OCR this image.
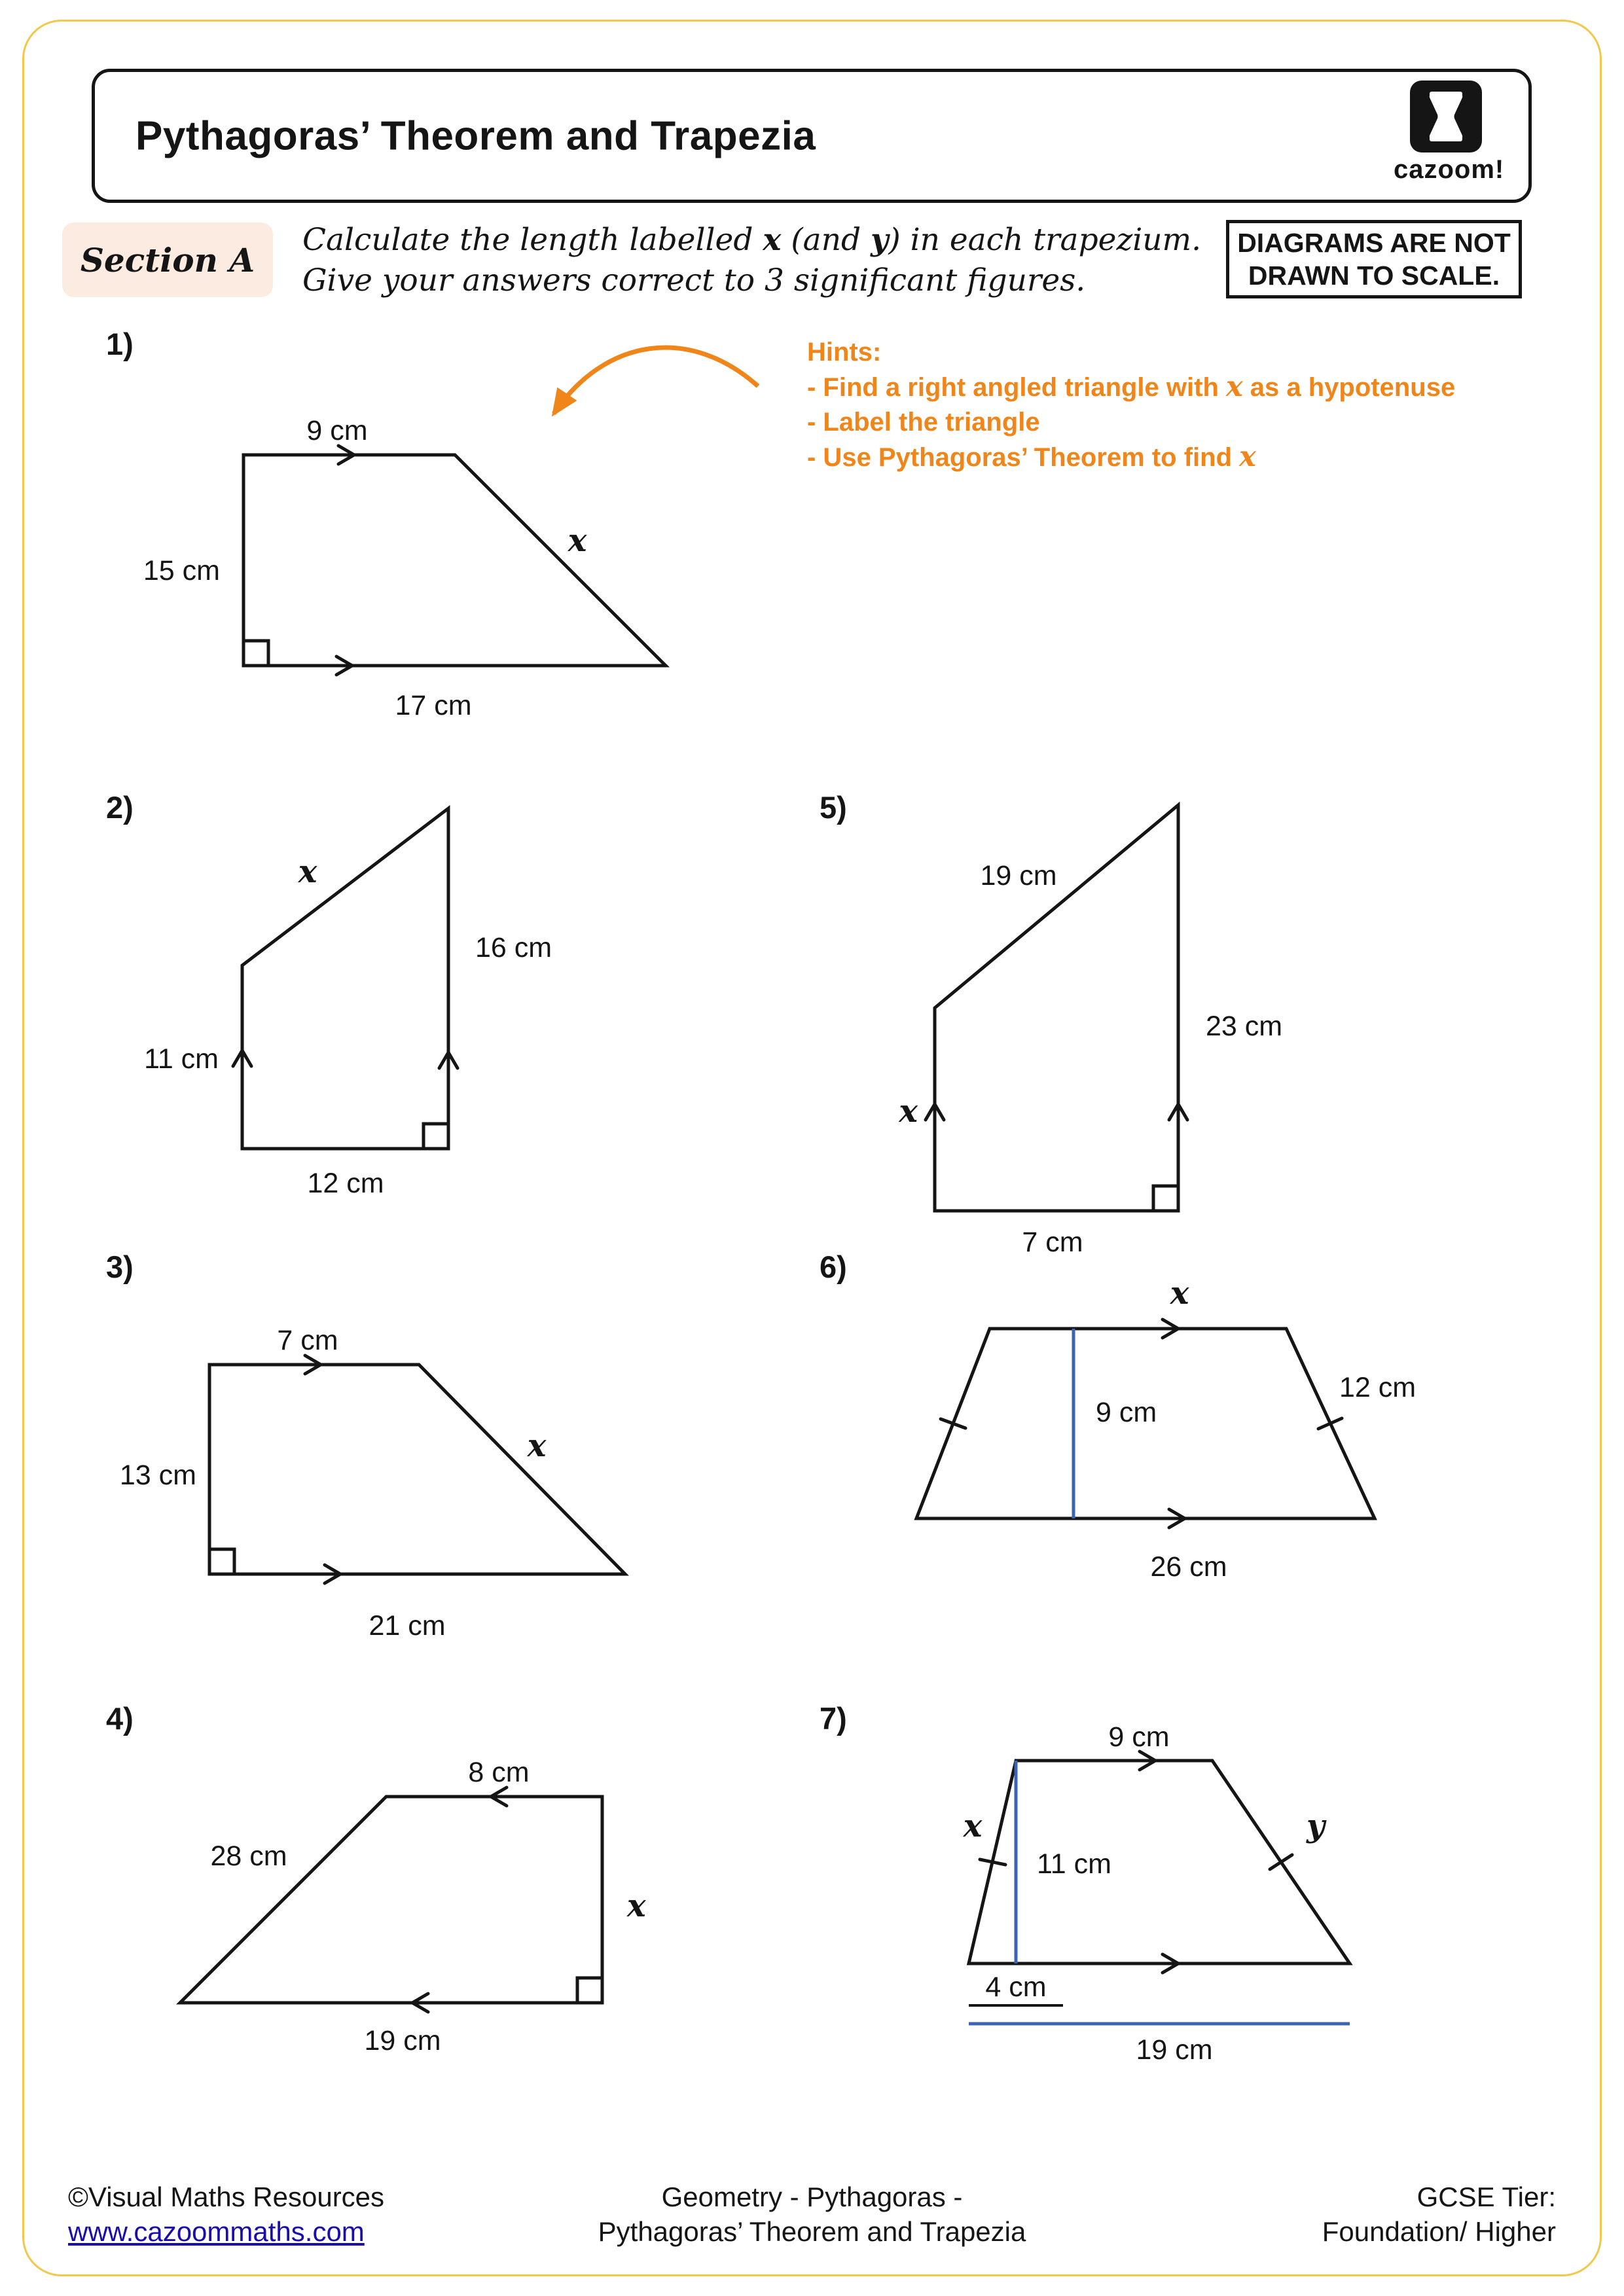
Pythagoras’ Theorem and Trapezia
cazoom!
Section A
Calculate the length labelled x (and y) in each trapezium.
Give your answers correct to 3 significant figures.
DIAGRAMS ARE NOT
DRAWN TO SCALE.
Hints:
- Find a right angled triangle with x as a hypotenuse
- Label the triangle
- Use Pythagoras’ Theorem to find x
1)
2)
3)
4)
5)
6)
7)
9 cm
15 cm
17 cm
x
x
16 cm
11 cm
12 cm
7 cm
13 cm
x
21 cm
8 cm
28 cm
x
19 cm
19 cm
23 cm
x
7 cm
x
12 cm
9 cm
26 cm
9 cm
x	y
11 cm
4 cm
19 cm
©Visual Maths Resources
www.cazoommaths.com
Geometry - Pythagoras -
Pythagoras’ Theorem and Trapezia
GCSE Tier:
Foundation/ Higher
